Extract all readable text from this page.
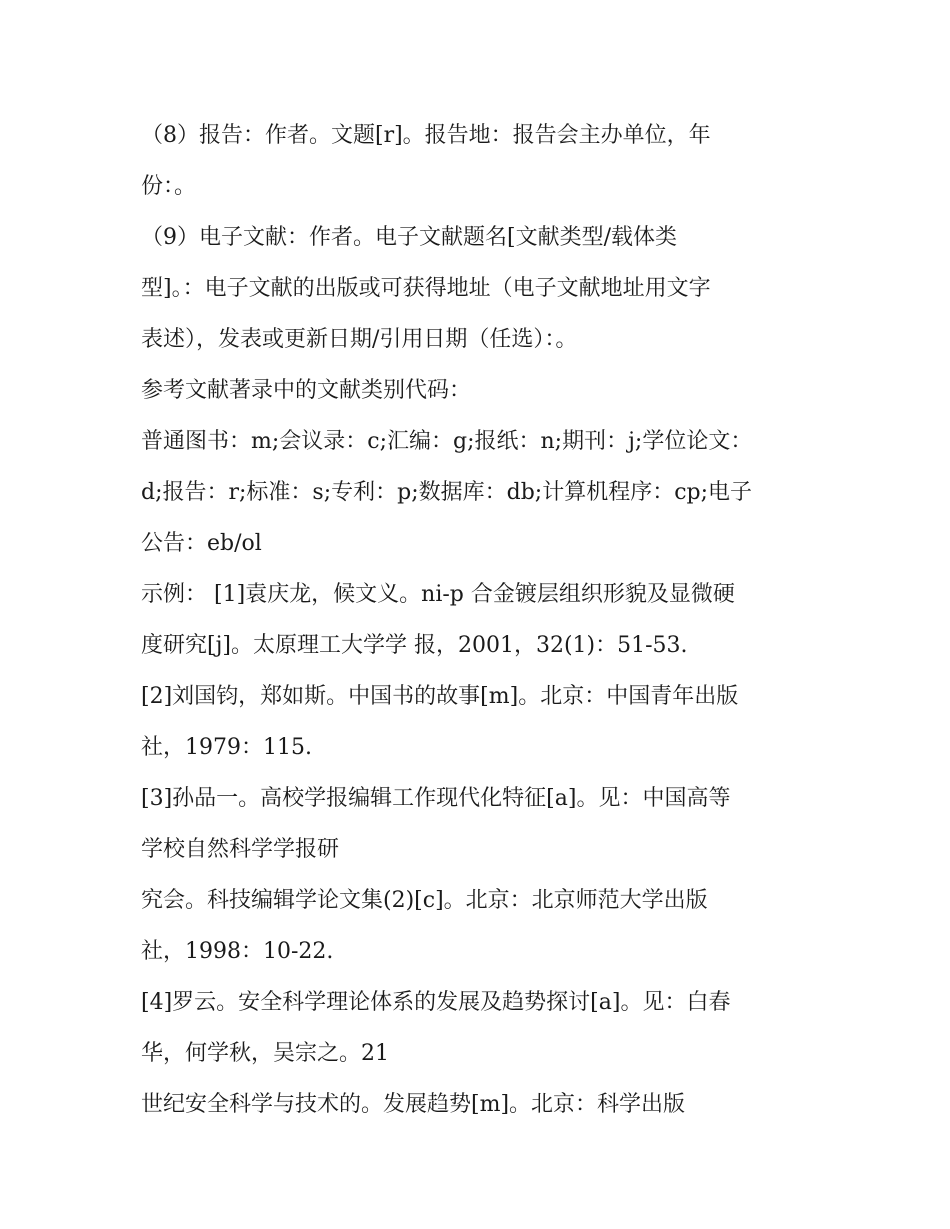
（8）报告：作者。文题[r]。报告地：报告会主办单位，年
份：。
（9）电子文献：作者。电子文献题名[文献类型/载体类
型]。：电子文献的出版或可获得地址（电子文献地址用文字
表述），发表或更新日期/引用日期（任选）：。
参考文献著录中的文献类别代码：
普通图书：m;会议录：c;汇编：g;报纸：n;期刊：j;学位论文：
d;报告：r;标准：s;专利：p;数据库：db;计算机程序：cp;电子
公告：eb/ol
示例： [1]袁庆龙，候文义。ni-p 合金镀层组织形貌及显微硬
度研究[j]。太原理工大学学 报，2001，32(1)：51-53.
[2]刘国钧，郑如斯。中国书的故事[m]。北京：中国青年出版
社，1979：115.
[3]孙品一。高校学报编辑工作现代化特征[a]。见：中国高等
学校自然科学学报研
究会。科技编辑学论文集(2)[c]。北京：北京师范大学出版
社，1998：10-22.
[4]罗云。安全科学理论体系的发展及趋势探讨[a]。见：白春
华，何学秋，吴宗之。21
世纪安全科学与技术的。发展趋势[m]。北京：科学出版
